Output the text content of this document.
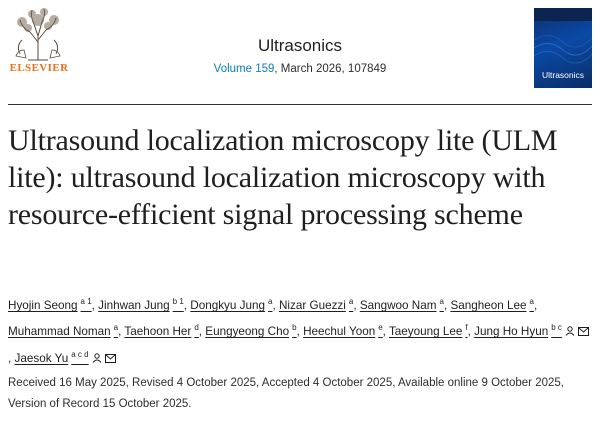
ELSEVIER
Ultrasonics
Volume 159, March 2026, 107849	Ultrasonics
Ultrasound localization microscopy lite (ULM lite): ultrasound localization microscopy with resource-efficient signal processing scheme
Hyojin Seong $^{a 1}$, Jinhwan Jung $^{b 1}$, Dongkyu Jung $^a$, Nizar Guezzi $^a$, Sangwoo Nam $^a$, Sangheon Lee $^a$, Muhammad Noman $^a$, Taehoon Her $^d$, Eungyeong Cho $^b$, Heechul Yoon $^e$, Taeyoung Lee $^f$, Jung Ho Hyun $^{b c}$, Jaesok Yu $^{a c d}$
Received 16 May 2025, Revised 4 October 2025, Accepted 4 October 2025, Available online 9 October 2025, Version of Record 15 October 2025.
